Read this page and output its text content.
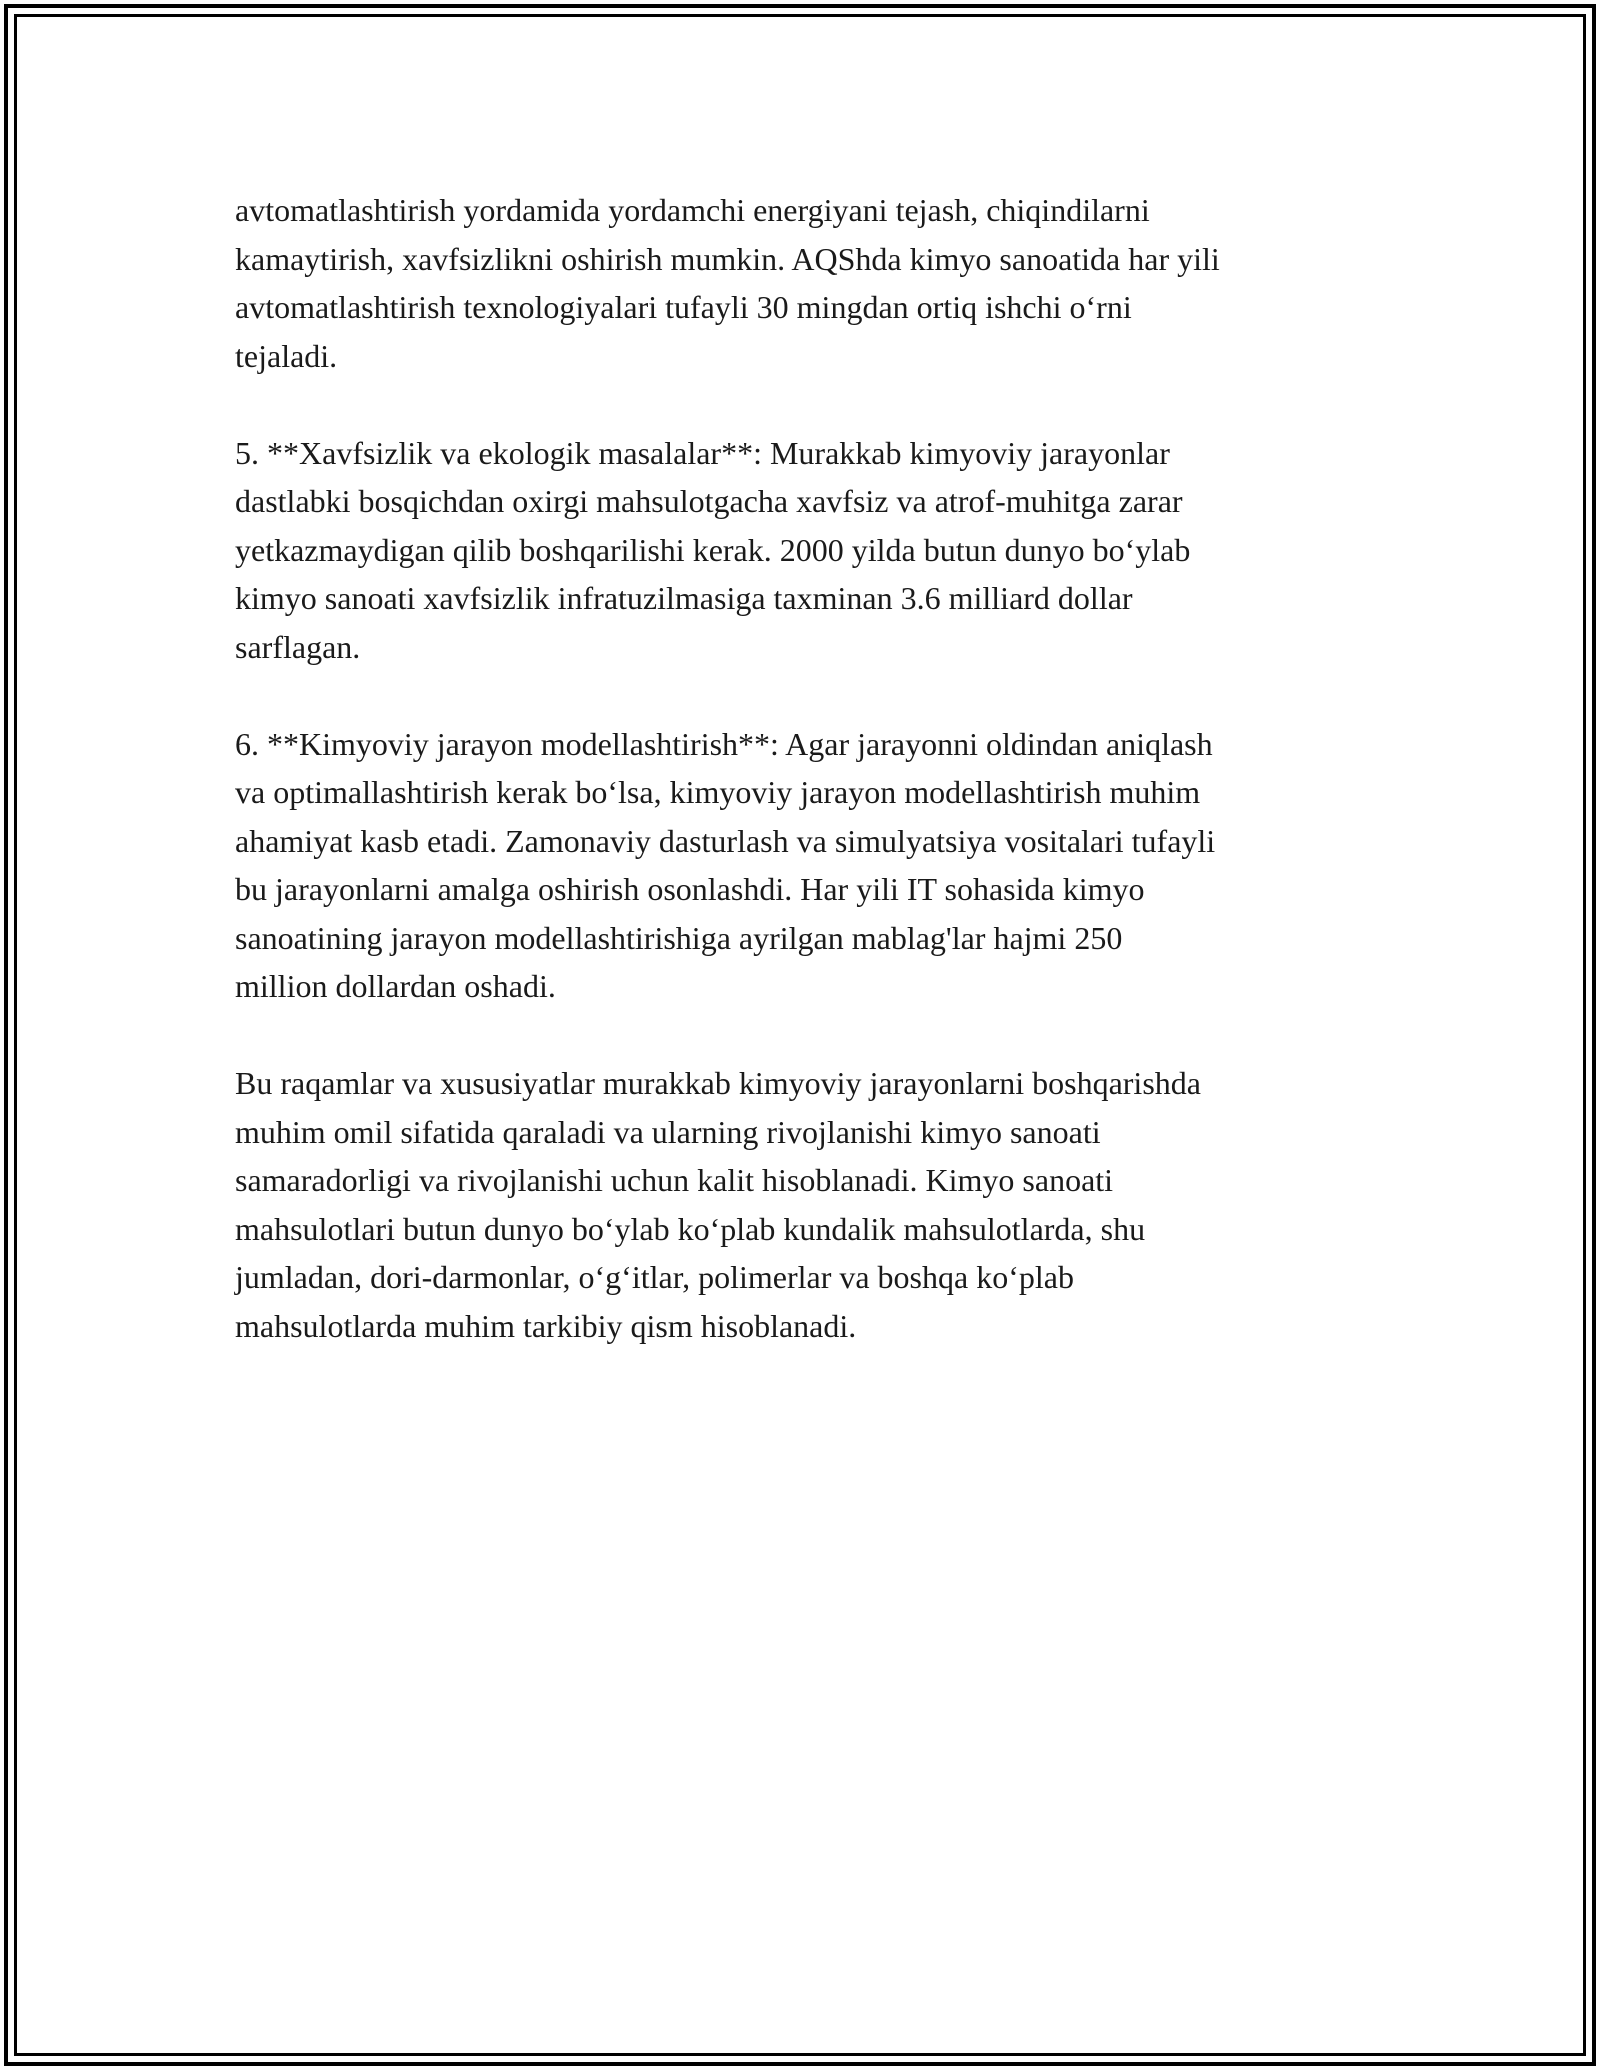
avtomatlashtirish yordamida yordamchi energiyani tejash, chiqindilarni
kamaytirish, xavfsizlikni oshirish mumkin. AQShda kimyo sanoatida har yili
avtomatlashtirish texnologiyalari tufayli 30 mingdan ortiq ishchi oʻrni
tejaladi.

5. **Xavfsizlik va ekologik masalalar**: Murakkab kimyoviy jarayonlar
dastlabki bosqichdan oxirgi mahsulotgacha xavfsiz va atrof-muhitga zarar
yetkazmaydigan qilib boshqarilishi kerak. 2000 yilda butun dunyo boʻylab
kimyo sanoati xavfsizlik infratuzilmasiga taxminan 3.6 milliard dollar
sarflagan.

6. **Kimyoviy jarayon modellashtirish**: Agar jarayonni oldindan aniqlash
va optimallashtirish kerak boʻlsa, kimyoviy jarayon modellashtirish muhim
ahamiyat kasb etadi. Zamonaviy dasturlash va simulyatsiya vositalari tufayli
bu jarayonlarni amalga oshirish osonlashdi. Har yili IT sohasida kimyo
sanoatining jarayon modellashtirishiga ayrilgan mablag'lar hajmi 250
million dollardan oshadi.

Bu raqamlar va xususiyatlar murakkab kimyoviy jarayonlarni boshqarishda
muhim omil sifatida qaraladi va ularning rivojlanishi kimyo sanoati
samaradorligi va rivojlanishi uchun kalit hisoblanadi. Kimyo sanoati
mahsulotlari butun dunyo boʻylab koʻplab kundalik mahsulotlarda, shu
jumladan, dori-darmonlar, oʻgʻitlar, polimerlar va boshqa koʻplab
mahsulotlarda muhim tarkibiy qism hisoblanadi.
